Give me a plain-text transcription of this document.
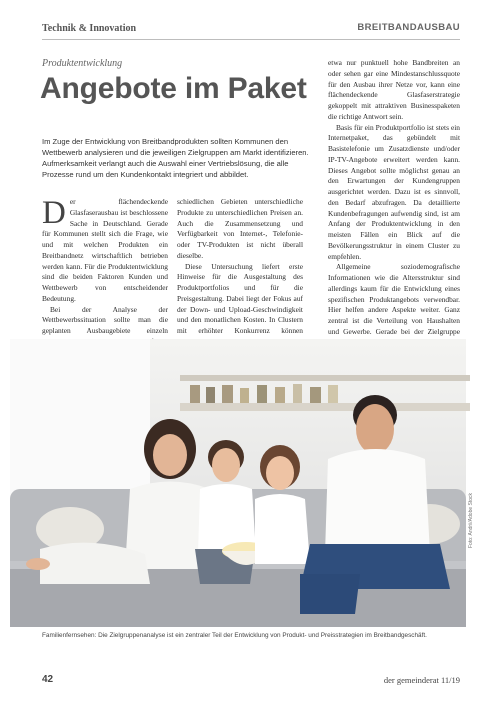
Technik & Innovation	BREITBANDAUSBAU
Produktentwicklung
Angebote im Paket
Im Zuge der Entwicklung von Breitbandprodukten sollten Kommunen den Wettbewerb analysieren und die jeweiligen Zielgruppen am Markt identifizieren. Aufmerksamkeit verlangt auch die Auswahl einer Vertriebslösung, die alle Prozesse rund um den Kundenkontakt integriert und abbildet.

Der flächendeckende Glasfaserausbau ist beschlossene Sache in Deutschland. Gerade für Kommunen stellt sich die Frage, wie und mit welchen Produkten ein Breitbandnetz wirtschaftlich betrieben werden kann. Für die Produktentwicklung sind die beiden Faktoren Kunden und Wettbewerb von entscheidender Bedeutung.

Bei der Analyse der Wettbewerbssituation sollte man die geplanten Ausbaugebiete einzeln

schiedlichen Gebieten unterschiedliche Produkte zu unterschiedlichen Preisen an. Auch die Zusammensetzung und Verfügbarkeit von Internet-, Telefonie- oder TV-Produkten ist nicht überall dieselbe.

Diese Untersuchung liefert erste Hinweise für die Ausgestaltung des Produktportfolios und für die Preisgestaltung. Dabei liegt der Fokus auf der Down- und Upload-Geschwindigkeit und den monatlichen Kosten. In Clustern mit erhöhter Konkurrenz können

etwa nur punktuell hohe Bandbreiten an oder sehen gar eine Mindestanschlussquote für den Ausbau ihrer Netze vor, kann eine flächendeckende Glasfaserstrategie gekoppelt mit attraktiven Businesspaketen die richtige Antwort sein.

Basis für ein Produktportfolio ist stets ein Internetpaket, das gebündelt mit Basistelefonie um Zusatzdienste und/oder IP-TV-Angebote erweitert werden kann. Dieses Angebot sollte möglichst genau an den Erwartungen der Kundengruppen ausgerichtet werden. Dazu ist es sinnvoll, den Bedarf abzufragen. Da detaillierte Kundenbefragungen aufwendig sind, ist am Anfang der Produktentwicklung in den meisten Fällen ein Blick auf die Bevölkerungsstruktur in einem Cluster zu empfehlen.

Allgemeine soziodemografische Informationen wie die Altersstruktur sind allerdings kaum für die Entwicklung eines spezifischen Produktangebots verwendbar. Hier helfen andere Aspekte weiter. Ganz zentral ist die Verteilung von Haushalten und Gewerbe. Gerade bei der Zielgruppe

Foto: Andrii/Adobe Stock
Familienfernsehen: Die Zielgruppenanalyse ist ein zentraler Teil der Entwicklung von Produkt- und Preisstrategien im Breitbandgeschäft.
42	der gemeinderat 11/19
